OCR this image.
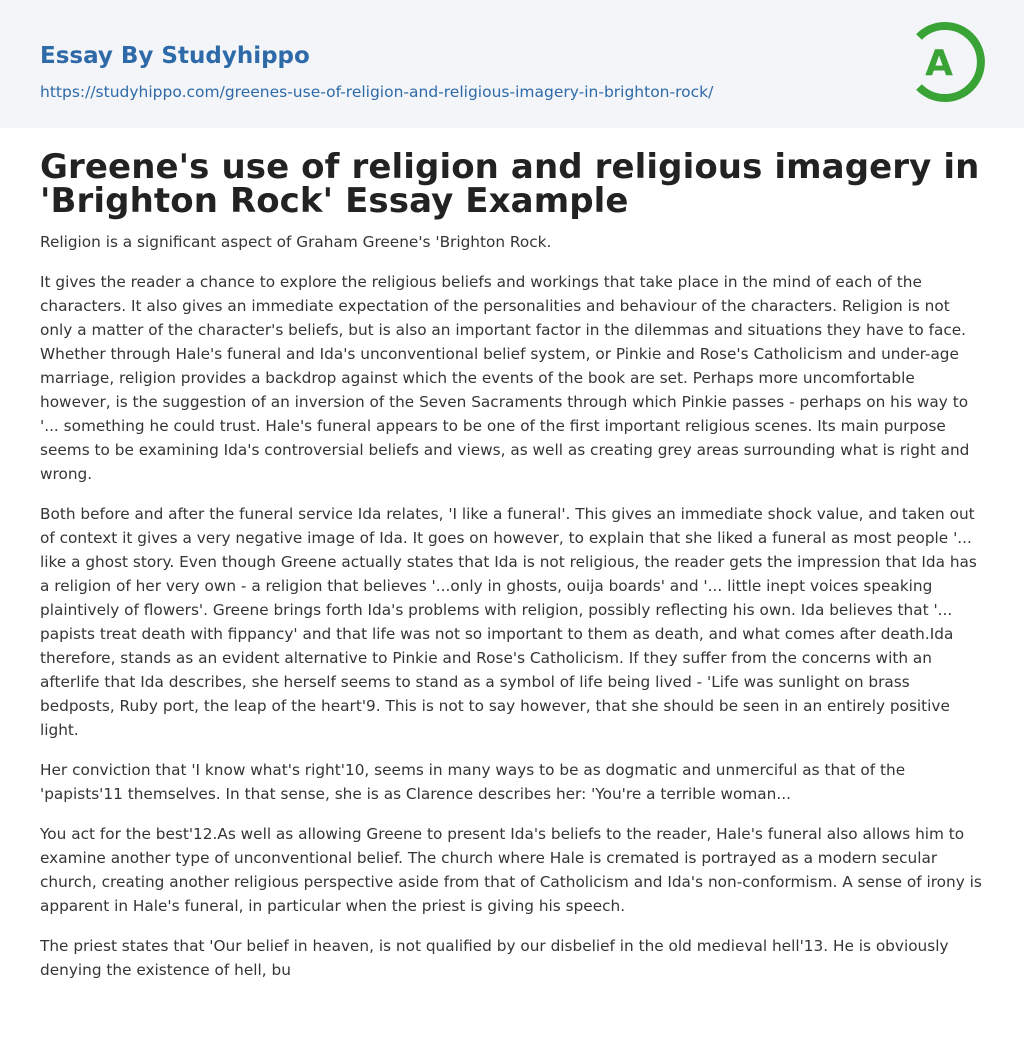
Essay By Studyhippo
https://studyhippo.com/greenes-use-of-religion-and-religious-imagery-in-brighton-rock/
A
Greene's use of religion and religious imagery in 'Brighton Rock' Essay Example

Religion is a significant aspect of Graham Greene's 'Brighton Rock.

It gives the reader a chance to explore the religious beliefs and workings that take place in the mind of each of the characters. It also gives an immediate expectation of the personalities and behaviour of the characters. Religion is not only a matter of the character's beliefs, but is also an important factor in the dilemmas and situations they have to face. Whether through Hale's funeral and Ida's unconventional belief system, or Pinkie and Rose's Catholicism and under-age marriage, religion provides a backdrop against which the events of the book are set. Perhaps more uncomfortable however, is the suggestion of an inversion of the Seven Sacraments through which Pinkie passes - perhaps on his way to '... something he could trust. Hale's funeral appears to be one of the first important religious scenes. Its main purpose seems to be examining Ida's controversial beliefs and views, as well as creating grey areas surrounding what is right and wrong.

Both before and after the funeral service Ida relates, 'I like a funeral'. This gives an immediate shock value, and taken out of context it gives a very negative image of Ida. It goes on however, to explain that she liked a funeral as most people '... like a ghost story. Even though Greene actually states that Ida is not religious, the reader gets the impression that Ida has a religion of her very own - a religion that believes '...only in ghosts, ouija boards' and '... little inept voices speaking plaintively of flowers'. Greene brings forth Ida's problems with religion, possibly reflecting his own. Ida believes that '... papists treat death with fippancy' and that life was not so important to them as death, and what comes after death.Ida therefore, stands as an evident alternative to Pinkie and Rose's Catholicism. If they suffer from the concerns with an afterlife that Ida describes, she herself seems to stand as a symbol of life being lived - 'Life was sunlight on brass bedposts, Ruby port, the leap of the heart'9. This is not to say however, that she should be seen in an entirely positive light.

Her conviction that 'I know what's right'10, seems in many ways to be as dogmatic and unmerciful as that of the 'papists'11 themselves. In that sense, she is as Clarence describes her: 'You're a terrible woman...

You act for the best'12.As well as allowing Greene to present Ida's beliefs to the reader, Hale's funeral also allows him to examine another type of unconventional belief. The church where Hale is cremated is portrayed as a modern secular church, creating another religious perspective aside from that of Catholicism and Ida's non-conformism. A sense of irony is apparent in Hale's funeral, in particular when the priest is giving his speech.

The priest states that 'Our belief in heaven, is not qualified by our disbelief in the old medieval hell'13. He is obviously denying the existence of hell, bu
